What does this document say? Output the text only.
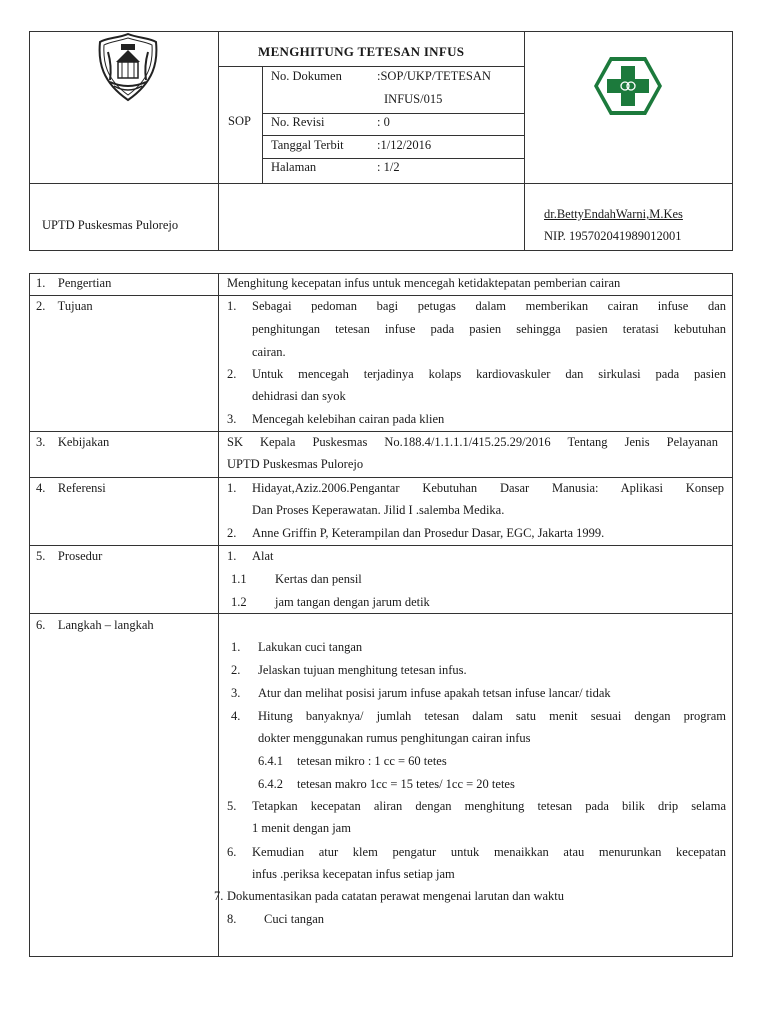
MENGHITUNG TETESAN INFUS
SOP
No. Dokumen	:SOP/UKP/TETESAN
INFUS/015
No. Revisi	: 0
Tanggal Terbit	:1/12/2016
Halaman	: 1/2
UPTD Puskesmas Pulorejo
dr.BettyEndahWarni,M.Kes
NIP. 195702041989012001
1.    Pengertian	Menghitung kecepatan infus untuk mencegah ketidaktepatan pemberian cairan
2.    Tujuan	1. Sebagai pedoman bagi petugas dalam memberikan cairan infuse dan
penghitungan tetesan infuse pada pasien sehingga pasien teratasi kebutuhan
cairan.
2. Untuk mencegah terjadinya kolaps kardiovaskuler dan sirkulasi pada pasien
dehidrasi dan syok
3. Mencegah kelebihan cairan pada klien
3.    Kebijakan	SK Kepala Puskesmas No.188.4/1.1.1.1/415.25.29/2016 Tentang Jenis Pelayanan
UPTD Puskesmas Pulorejo
4.    Referensi	1. Hidayat,Aziz.2006.Pengantar Kebutuhan Dasar Manusia: Aplikasi Konsep
Dan Proses Keperawatan. Jilid I .salemba Medika.
2. Anne Griffin P, Keterampilan dan Prosedur Dasar, EGC, Jakarta 1999.
5.    Prosedur	1. Alat
1.1 Kertas dan pensil
1.2 jam tangan dengan jarum detik
6.    Langkah – langkah
1. Lakukan cuci tangan
2. Jelaskan tujuan menghitung tetesan infus.
3. Atur dan melihat posisi jarum infuse apakah tetsan infuse lancar/ tidak
4. Hitung banyaknya/ jumlah tetesan dalam satu menit sesuai dengan program
dokter menggunakan rumus penghitungan cairan infus
6.4.1 tetesan mikro : 1 cc = 60 tetes
6.4.2 tetesan makro 1cc = 15 tetes/ 1cc = 20 tetes
5. Tetapkan kecepatan aliran dengan menghitung tetesan pada bilik drip selama
1 menit dengan jam
6. Kemudian atur klem pengatur untuk menaikkan atau menurunkan kecepatan
infus .periksa kecepatan infus setiap jam
7. Dokumentasikan pada catatan perawat mengenai larutan dan waktu
8. Cuci tangan
